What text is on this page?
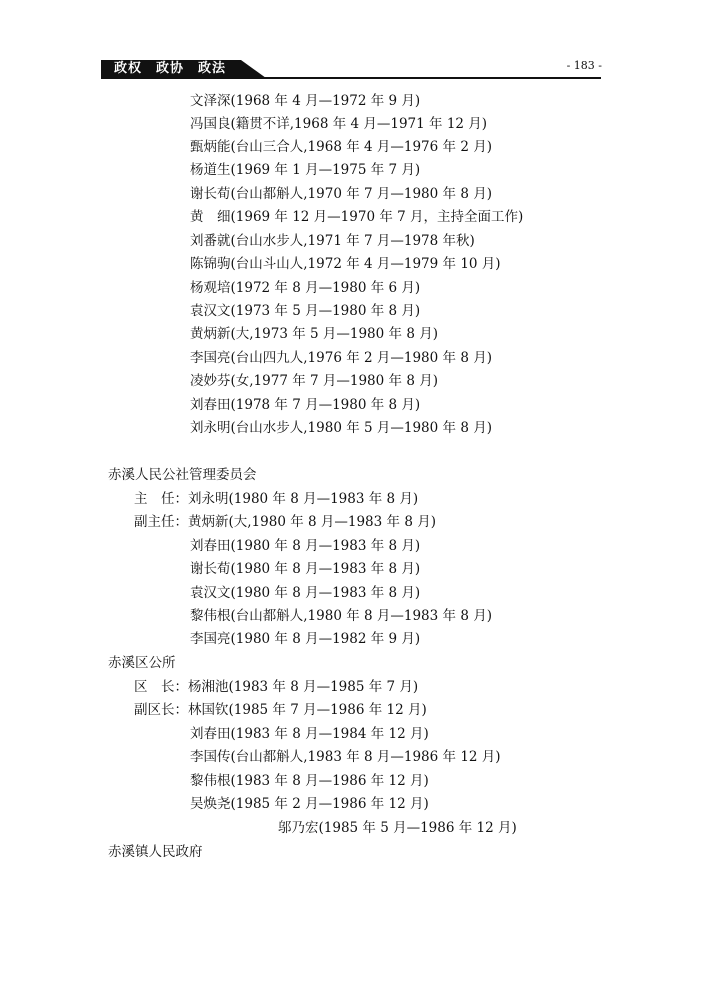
政权　政协　政法	- 183 -
文泽深(1968 年 4 月—1972 年 9 月)
冯国良(籍贯不详,1968 年 4 月—1971 年 12 月)
甄炳能(台山三合人,1968 年 4 月—1976 年 2 月)
杨道生(1969 年 1 月—1975 年 7 月)
谢长荀(台山都斛人,1970 年 7 月—1980 年 8 月)
黄　细(1969 年 12 月—1970 年 7 月，主持全面工作)
刘番就(台山水步人,1971 年 7 月—1978 年秋)
陈锦驹(台山斗山人,1972 年 4 月—1979 年 10 月)
杨观培(1972 年 8 月—1980 年 6 月)
袁汉文(1973 年 5 月—1980 年 8 月)
黄炳新(大,1973 年 5 月—1980 年 8 月)
李国亮(台山四九人,1976 年 2 月—1980 年 8 月)
凌妙芬(女,1977 年 7 月—1980 年 8 月)
刘春田(1978 年 7 月—1980 年 8 月)
刘永明(台山水步人,1980 年 5 月—1980 年 8 月)
赤溪人民公社管理委员会
主　任：刘永明(1980 年 8 月—1983 年 8 月)
副主任：黄炳新(大,1980 年 8 月—1983 年 8 月)
刘春田(1980 年 8 月—1983 年 8 月)
谢长荀(1980 年 8 月—1983 年 8 月)
袁汉文(1980 年 8 月—1983 年 8 月)
黎伟根(台山都斛人,1980 年 8 月—1983 年 8 月)
李国亮(1980 年 8 月—1982 年 9 月)
赤溪区公所
区　长：杨湘池(1983 年 8 月—1985 年 7 月)
副区长：林国钦(1985 年 7 月—1986 年 12 月)
刘春田(1983 年 8 月—1984 年 12 月)
李国传(台山都斛人,1983 年 8 月—1986 年 12 月)
黎伟根(1983 年 8 月—1986 年 12 月)
吴焕尧(1985 年 2 月—1986 年 12 月)
邬乃宏(1985 年 5 月—1986 年 12 月)
赤溪镇人民政府
